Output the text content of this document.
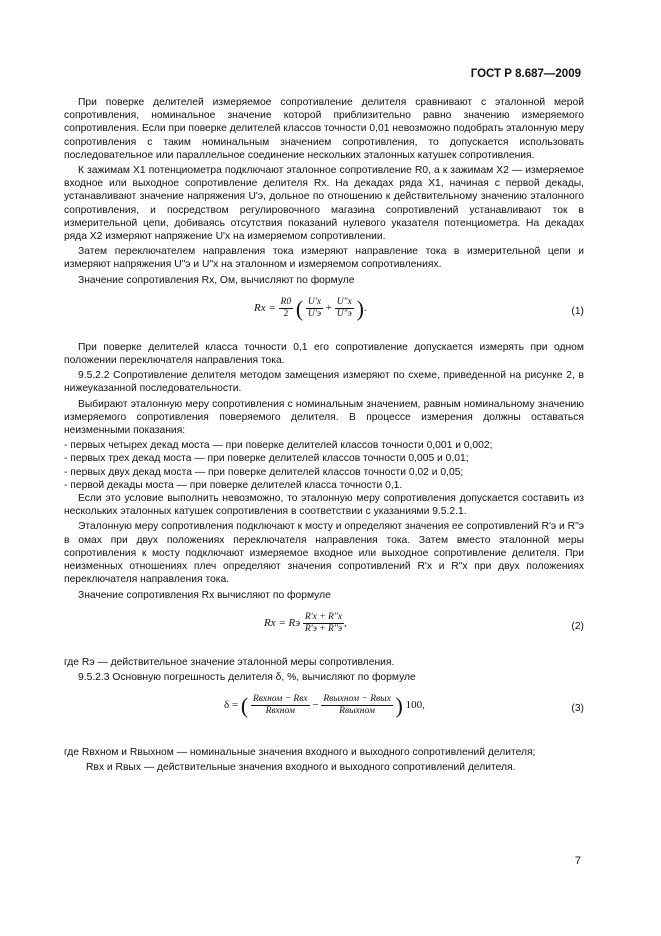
ГОСТ Р 8.687—2009

При поверке делителей измеряемое сопротивление делителя сравнивают с эталонной мерой сопротивления, номинальное значение которой приблизительно равно значению измеряемого сопротивления. Если при поверке делителей классов точности 0,01 невозможно подобрать эталонную меру сопротивления с таким номинальным значением сопротивления, то допускается использовать последовательное или параллельное соединение нескольких эталонных катушек сопротивления.

К зажимам X1 потенциометра подключают эталонное сопротивление R0, а к зажимам X2 — измеряемое входное или выходное сопротивление делителя Rx. На декадах ряда X1, начиная с первой декады, устанавливают значение напряжения U'э, дольное по отношению к действительному значению эталонного сопротивления, и посредством регулировочного магазина сопротивлений устанавливают ток в измерительной цепи, добиваясь отсутствия показаний нулевого указателя потенциометра. На декадах ряда X2 измеряют напряжение U'x на измеряемом сопротивлении.

Затем переключателем направления тока измеряют направление тока в измерительной цепи и измеряют напряжения U"э и U"x на эталонном и измеряемом сопротивлениях.

Значение сопротивления Rx, Ом, вычисляют по формуле

$Rx = \frac{R0}{2}$ ( $\frac{U'x}{U'э} + \frac{U"x}{U"э}$ ).	(1)

При поверке делителей класса точности 0,1 его сопротивление допускается измерять при одном положении переключателя направления тока.

9.5.2.2 Сопротивление делителя методом замещения измеряют по схеме, приведенной на рисунке 2, в нижеуказанной последовательности.

Выбирают эталонную меру сопротивления с номинальным значением, равным номинальному значению измеряемого сопротивления поверяемого делителя. В процессе измерения должны оставаться неизменными показания:

- первых четырех декад моста — при поверке делителей классов точности 0,001 и 0,002;

- первых трех декад моста — при поверке делителей классов точности 0,005 и 0,01;

- первых двух декад моста — при поверке делителей классов точности 0,02 и 0,05;

- первой декады моста — при поверке делителей класса точности 0,1.

Если это условие выполнить невозможно, то эталонную меру сопротивления допускается составить из нескольких эталонных катушек сопротивления в соответствии с указаниями 9.5.2.1.

Эталонную меру сопротивления подключают к мосту и определяют значения ее сопротивлений R'э и R"э в омах при двух положениях переключателя направления тока. Затем вместо эталонной меры сопротивления к мосту подключают измеряемое входное или выходное сопротивление делителя. При неизменных отношениях плеч определяют значения сопротивлений R'x и R"x при двух положениях переключателя направления тока.

Значение сопротивления Rx вычисляют по формуле

Rx = Rэ $\frac{R'x + R"x}{R'э + R"э}$ ,	(2)

где Rэ — действительное значение эталонной меры сопротивления.

9.5.2.3 Основную погрешность делителя δ, %, вычисляют по формуле

δ = ( $\frac{\text{Rвхном − Rвх}}{\text{Rвхном}} - \frac{\text{Rвыхном − Rвых}}{\text{Rвыхном}}$ ) 100,	(3)

где Rвхном и Rвыхном — номинальные значения входного и выходного сопротивлений делителя;

Rвх и Rвых — действительные значения входного и выходного сопротивлений делителя.

7
